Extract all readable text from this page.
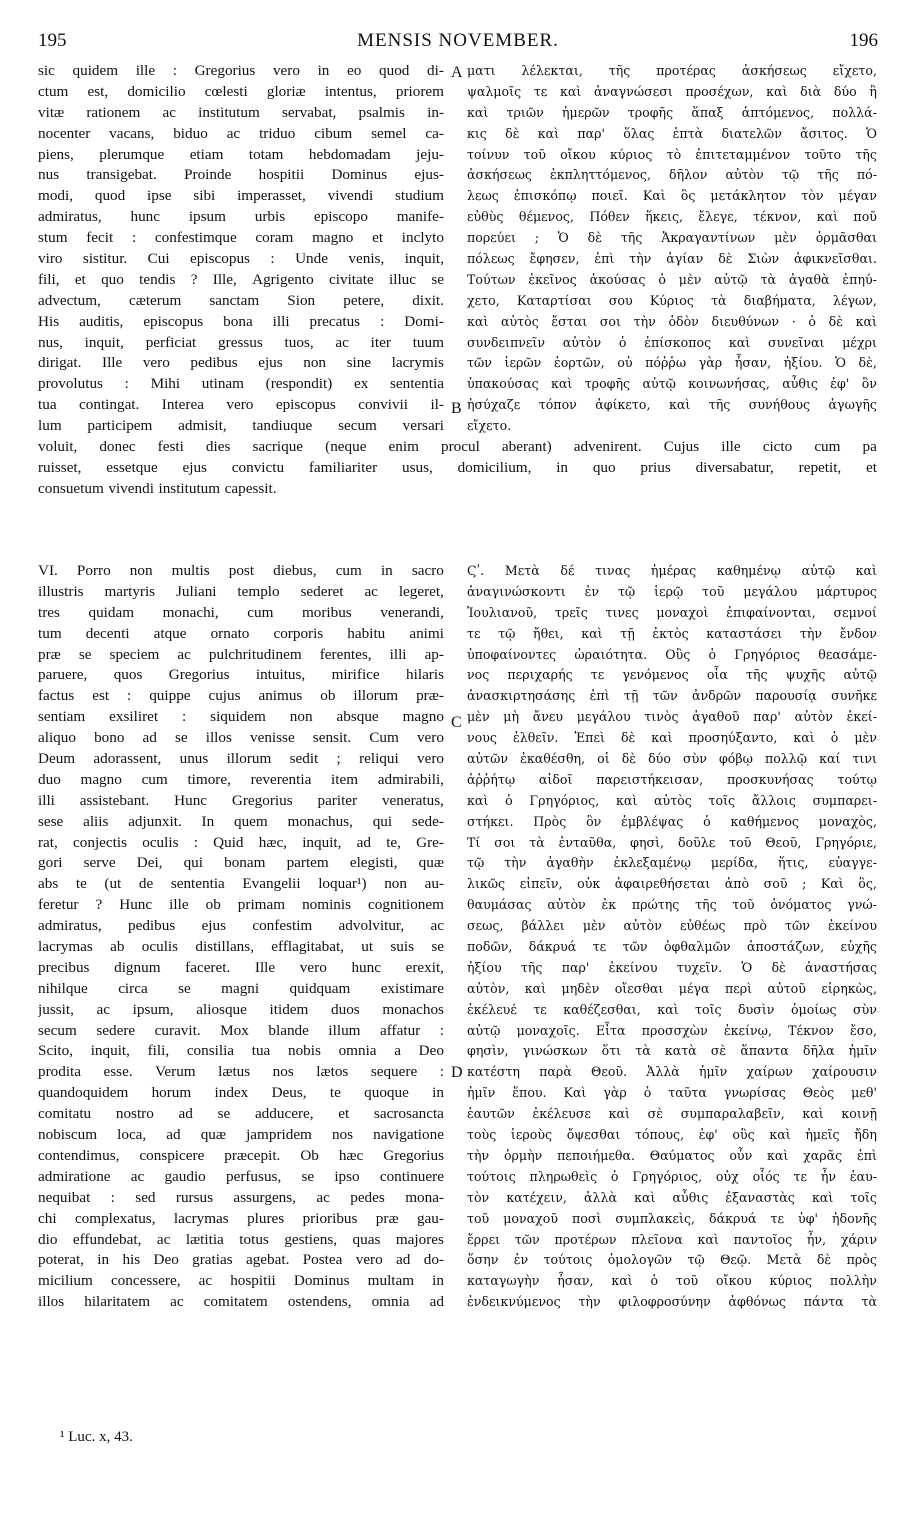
195	MENSIS NOVEMBER.	196
sic quidem ille : Gregorius vero in eo quod di-
ctum est, domicilio cœlesti gloriæ intentus, priorem
vitæ rationem ac institutum servabat, psalmis in-
nocenter vacans, biduo ac triduo cibum semel ca-
piens, plerumque etiam totam hebdomadam jeju-
nus transigebat. Proinde hospitii Dominus ejus-
modi, quod ipse sibi imperasset, vivendi studium
admiratus, hunc ipsum urbis episcopo manife-
stum fecit : confestimque coram magno et inclyto
viro sistitur. Cui episcopus : Unde venis, inquit,
fili, et quo tendis ? Ille, Agrigento civitate illuc se
advectum, cæterum sanctam Sion petere, dixit.
His auditis, episcopus bona illi precatus : Domi-
nus, inquit, perficiat gressus tuos, ac iter tuum
dirigat. Ille vero pedibus ejus non sine lacrymis
provolutus : Mihi utinam (respondit) ex sententia
tua contingat. Interea vero episcopus convivii il-
lum participem admisit, tandiuque secum versari
ματι λέλεκται, τῆς προτέρας ἀσκήσεως εἴχετο,
ψαλμοῖς τε καὶ ἀναγνώσεσι προσέχων, καὶ διὰ δύο ἢ
καὶ τριῶν ἡμερῶν τροφῆς ἅπαξ ἁπτόμενος, πολλά-
κις δὲ καὶ παρ' ὅλας ἑπτὰ διατελῶν ἄσιτος. Ὁ
τοίνυν τοῦ οἴκου κύριος τὸ ἐπιτεταμμένον τοῦτο τῆς
ἀσκήσεως ἐκπληττόμενος, δῆλον αὐτὸν τῷ τῆς πό-
λεως ἐπισκόπῳ ποιεῖ. Καὶ ὃς μετάκλητον τὸν μέγαν
εὐθὺς θέμενος, Πόθεν ἥκεις, ἔλεγε, τέκνον, καὶ ποῦ
πορεύει ; Ὁ δὲ τῆς Ἀκραγαντίνων μὲν ὁρμᾶσθαι
πόλεως ἔφησεν, ἐπὶ τὴν ἁγίαν δὲ Σιὼν ἀφικνεῖσθαι.
Τούτων ἐκεῖνος ἀκούσας ὁ μὲν αὐτῷ τὰ ἀγαθὰ ἐπηύ-
χετο, Καταρτίσαι σου Κύριος τὰ διαβήματα, λέγων,
καὶ αὐτὸς ἔσται σοι τὴν ὁδὸν διευθύνων · ὁ δὲ καὶ
συνδειπνεῖν αὐτὸν ὁ ἐπίσκοπος καὶ συνεῖναι μέχρι
τῶν ἱερῶν ἑορτῶν, οὐ πόῤῥω γὰρ ἦσαν, ἠξίου. Ὁ δὲ,
ὑπακούσας καὶ τροφῆς αὐτῷ κοινωνήσας, αὖθις ἐφ' ὃν
ἡσύχαζε τόπον ἀφίκετο, καὶ τῆς συνήθους ἀγωγῆς
εἴχετο.
voluit, donec festi dies sacrique (neque enim procul aberant) advenirent. Cujus ille cicto cum pa
ruisset, essetque ejus convictu familiariter usus, domicilium, in quo prius diversabatur, repetit, et
consuetum vivendi institutum capessit.
VI. Porro non multis post diebus, cum in sacro
illustris martyris Juliani templo sederet ac legeret,
tres quidam monachi, cum moribus venerandi,
tum decenti atque ornato corporis habitu animi
præ se speciem ac pulchritudinem ferentes, illi ap-
paruere, quos Gregorius intuitus, mirifice hilaris
factus est : quippe cujus animus ob illorum præ-
sentiam exsiliret : siquidem non absque magno
aliquo bono ad se illos venisse sensit. Cum vero
Deum adorassent, unus illorum sedit ; reliqui vero
duo magno cum timore, reverentia item admirabili,
illi assistebant. Hunc Gregorius pariter veneratus,
sese aliis adjunxit. In quem monachus, qui sede-
rat, conjectis oculis : Quid hæc, inquit, ad te, Gre-
gori serve Dei, qui bonam partem elegisti, quæ
abs te (ut de sententia Evangelii loquar¹) non au-
feretur ? Hunc ille ob primam nominis cognitionem
admiratus, pedibus ejus confestim advolvitur, ac
lacrymas ab oculis distillans, efflagitabat, ut suis se
precibus dignum faceret. Ille vero hunc erexit,
nihilque circa se magni quidquam existimare
jussit, ac ipsum, aliosque itidem duos monachos
secum sedere curavit. Mox blande illum affatur :
Scito, inquit, fili, consilia tua nobis omnia a Deo
prodita esse. Verum lætus nos lætos sequere :
quandoquidem horum index Deus, te quoque in
comitatu nostro ad se adducere, et sacrosancta
nobiscum loca, ad quæ jampridem nos navigatione
contendimus, conspicere præcepit. Ob hæc Gregorius
admiratione ac gaudio perfusus, se ipso continuere
nequibat : sed rursus assurgens, ac pedes mona-
chi complexatus, lacrymas plures prioribus præ gau-
dio effundebat, ac lætitia totus gestiens, quas majores
poterat, in his Deo gratias agebat. Postea vero ad do-
micilium concessere, ac hospitii Dominus multam in
illos hilaritatem ac comitatem ostendens, omnia ad
Ϛʹ. Μετὰ δέ τινας ἡμέρας καθημένῳ αὐτῷ καὶ
ἀναγινώσκοντι ἐν τῷ ἱερῷ τοῦ μεγάλου μάρτυρος
Ἰουλιανοῦ, τρεῖς τινες μοναχοὶ ἐπιφαίνονται, σεμνοί
τε τῷ ἤθει, καὶ τῇ ἐκτὸς καταστάσει τὴν ἔνδον
ὑποφαίνοντες ὡραιότητα. Οὓς ὁ Γρηγόριος θεασάμε-
νος περιχαρής τε γενόμενος οἷα τῆς ψυχῆς αὐτῷ
ἀνασκιρτησάσης ἐπὶ τῇ τῶν ἀνδρῶν παρουσίᾳ συνῆκε
μὲν μὴ ἄνευ μεγάλου τινὸς ἀγαθοῦ παρ' αὐτὸν ἐκεί-
νους ἐλθεῖν. Ἐπεὶ δὲ καὶ προσηύξαντο, καὶ ὁ μὲν
αὐτῶν ἐκαθέσθη, οἱ δὲ δύο σὺν φόβῳ πολλῷ καί τινι
ἀῤῥήτῳ αἰδοῖ παρειστήκεισαν, προσκυνήσας τούτῳ
καὶ ὁ Γρηγόριος, καὶ αὐτὸς τοῖς ἄλλοις συμπαρει-
στήκει. Πρὸς ὃν ἐμβλέψας ὁ καθήμενος μοναχὸς,
Τί σοι τὰ ἐνταῦθα, φησὶ, δοῦλε τοῦ Θεοῦ, Γρηγόριε,
τῷ τὴν ἀγαθὴν ἐκλεξαμένῳ μερίδα, ἥτις, εὐαγγε-
λικῶς εἰπεῖν, οὐκ ἀφαιρεθήσεται ἀπὸ σοῦ ; Καὶ ὃς,
θαυμάσας αὐτὸν ἐκ πρώτης τῆς τοῦ ὀνόματος γνώ-
σεως, βάλλει μὲν αὐτὸν εὐθέως πρὸ τῶν ἐκείνου
ποδῶν, δάκρυά τε τῶν ὀφθαλμῶν ἀποστάζων, εὐχῆς
ἠξίου τῆς παρ' ἐκείνου τυχεῖν. Ὁ δὲ ἀναστήσας
αὐτὸν, καὶ μηδὲν οἴεσθαι μέγα περὶ αὐτοῦ εἰρηκὼς,
ἐκέλευέ τε καθέζεσθαι, καὶ τοῖς δυσὶν ὁμοίως σὺν
αὐτῷ μοναχοῖς. Εἶτα προσσχὼν ἐκείνῳ, Τέκνον ἔσο,
φησὶν, γινώσκων ὅτι τὰ κατὰ σὲ ἅπαντα δῆλα ἡμῖν
κατέστη παρὰ Θεοῦ. Ἀλλὰ ἡμῖν χαίρων χαίρουσιν
ἡμῖν ἕπου. Καὶ γὰρ ὁ ταῦτα γνωρίσας Θεὸς μεθ'
ἑαυτῶν ἐκέλευσε καὶ σὲ συμπαραλαβεῖν, καὶ κοινῇ
τοὺς ἱεροὺς ὄψεσθαι τόπους, ἐφ' οὓς καὶ ἡμεῖς ἤδη
τὴν ὁρμὴν πεποιήμεθα. Θαύματος οὖν καὶ χαρᾶς ἐπὶ
τούτοις πληρωθεὶς ὁ Γρηγόριος, οὐχ οἷός τε ἦν ἑαυ-
τὸν κατέχειν, ἀλλὰ καὶ αὖθις ἐξαναστὰς καὶ τοῖς
τοῦ μοναχοῦ ποσὶ συμπλακεὶς, δάκρυά τε ὑφ' ἡδονῆς
ἔρρει τῶν προτέρων πλεῖονα καὶ παντοῖος ἦν, χάριν
ὅσην ἐν τούτοις ὁμολογῶν τῷ Θεῷ. Μετὰ δὲ πρὸς
καταγωγὴν ἧσαν, καὶ ὁ τοῦ οἴκου κύριος πολλὴν
ἐνδεικνύμενος τὴν φιλοφροσύνην ἀφθόνως πάντα τὰ
A
B
C
D
¹ Luc. x, 43.
